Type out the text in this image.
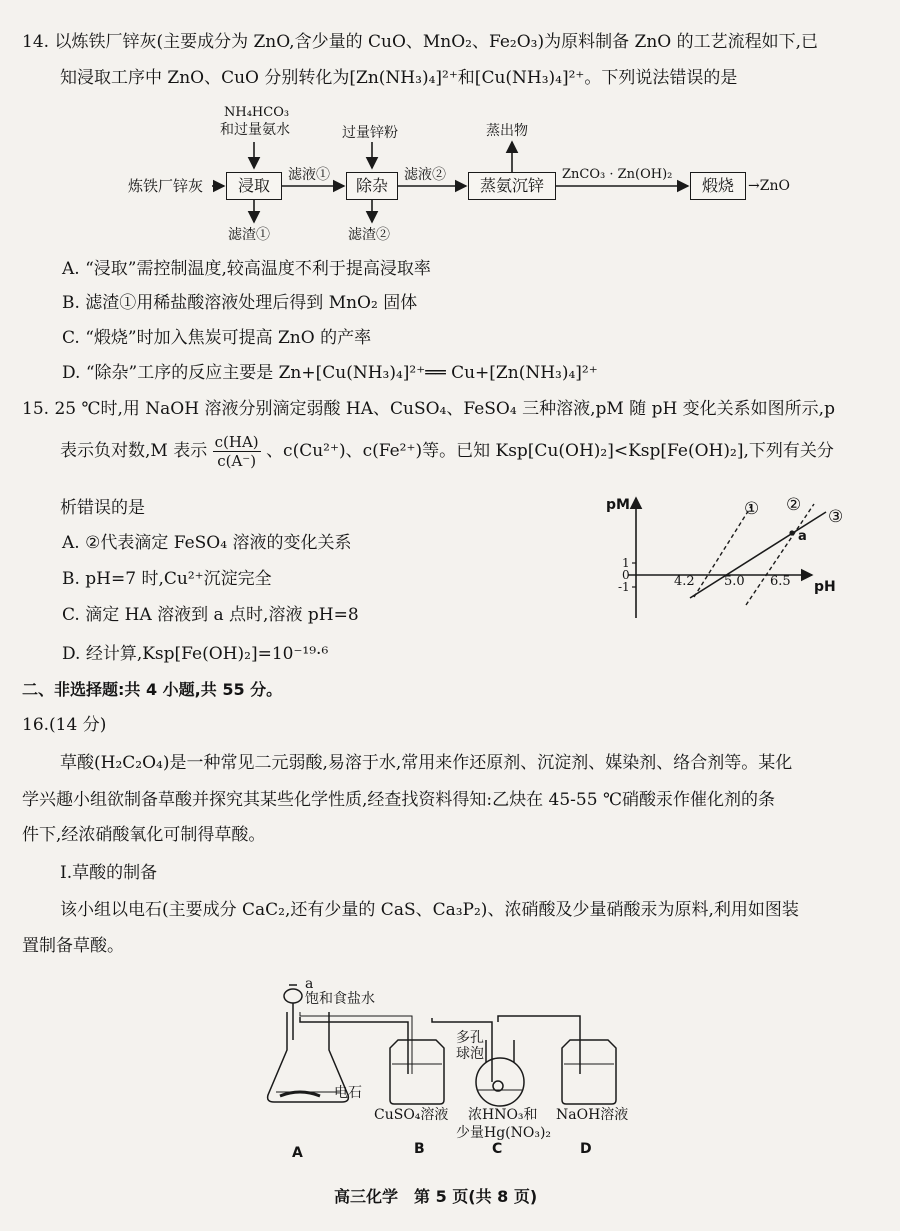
14. 以炼铁厂锌灰(主要成分为 ZnO,含少量的 CuO、MnO₂、Fe₂O₃)为原料制备 ZnO 的工艺流程如下,已
知浸取工序中 ZnO、CuO 分别转化为[Zn(NH₃)₄]²⁺和[Cu(NH₃)₄]²⁺。下列说法错误的是
炼铁厂锌灰	浸取
NH₄HCO₃
和过量氨水
滤液①
滤渣①
除杂
过量锌粉
滤液②
滤渣②
蒸氨沉锌
蒸出物
ZnCO₃ · Zn(OH)₂
煅烧	→ZnO
A. “浸取”需控制温度,较高温度不利于提高浸取率
B. 滤渣①用稀盐酸溶液处理后得到 MnO₂ 固体
C. “煅烧”时加入焦炭可提高 ZnO 的产率
D. “除杂”工序的反应主要是 Zn+[Cu(NH₃)₄]²⁺══ Cu+[Zn(NH₃)₄]²⁺
15. 25 ℃时,用 NaOH 溶液分别滴定弱酸 HA、CuSO₄、FeSO₄ 三种溶液,pM 随 pH 变化关系如图所示,p
表示负对数,M 表示 $\frac{c(HA)}{c(A^-)}$ 、c(Cu²⁺)、c(Fe²⁺)等。已知 Ksp[Cu(OH)₂]<Ksp[Fe(OH)₂],下列有关分
析错误的是
A. ②代表滴定 FeSO₄ 溶液的变化关系
B. pH=7 时,Cu²⁺沉淀完全
C. 滴定 HA 溶液到 a 点时,溶液 pH=8
D. 经计算,Ksp[Fe(OH)₂]=10⁻¹⁹·⁶
pM
pH
1
0
-1	4.2 5.0 6.5
① ②
③
a
二、非选择题:共 4 小题,共 55 分。
16.(14 分)
草酸(H₂C₂O₄)是一种常见二元弱酸,易溶于水,常用来作还原剂、沉淀剂、媒染剂、络合剂等。某化
学兴趣小组欲制备草酸并探究其某些化学性质,经查找资料得知:乙炔在 45-55 ℃硝酸汞作催化剂的条
件下,经浓硝酸氧化可制得草酸。
Ⅰ.草酸的制备
该小组以电石(主要成分 CaC₂,还有少量的 CaS、Ca₃P₂)、浓硝酸及少量硝酸汞为原料,利用如图装
置制备草酸。
a
饱和食盐水
电石
CuSO₄溶液
多孔球泡
浓HNO₃和
少量Hg(NO₃)₂
NaOH溶液
A	B	C	D
高三化学　第 5 页(共 8 页)
